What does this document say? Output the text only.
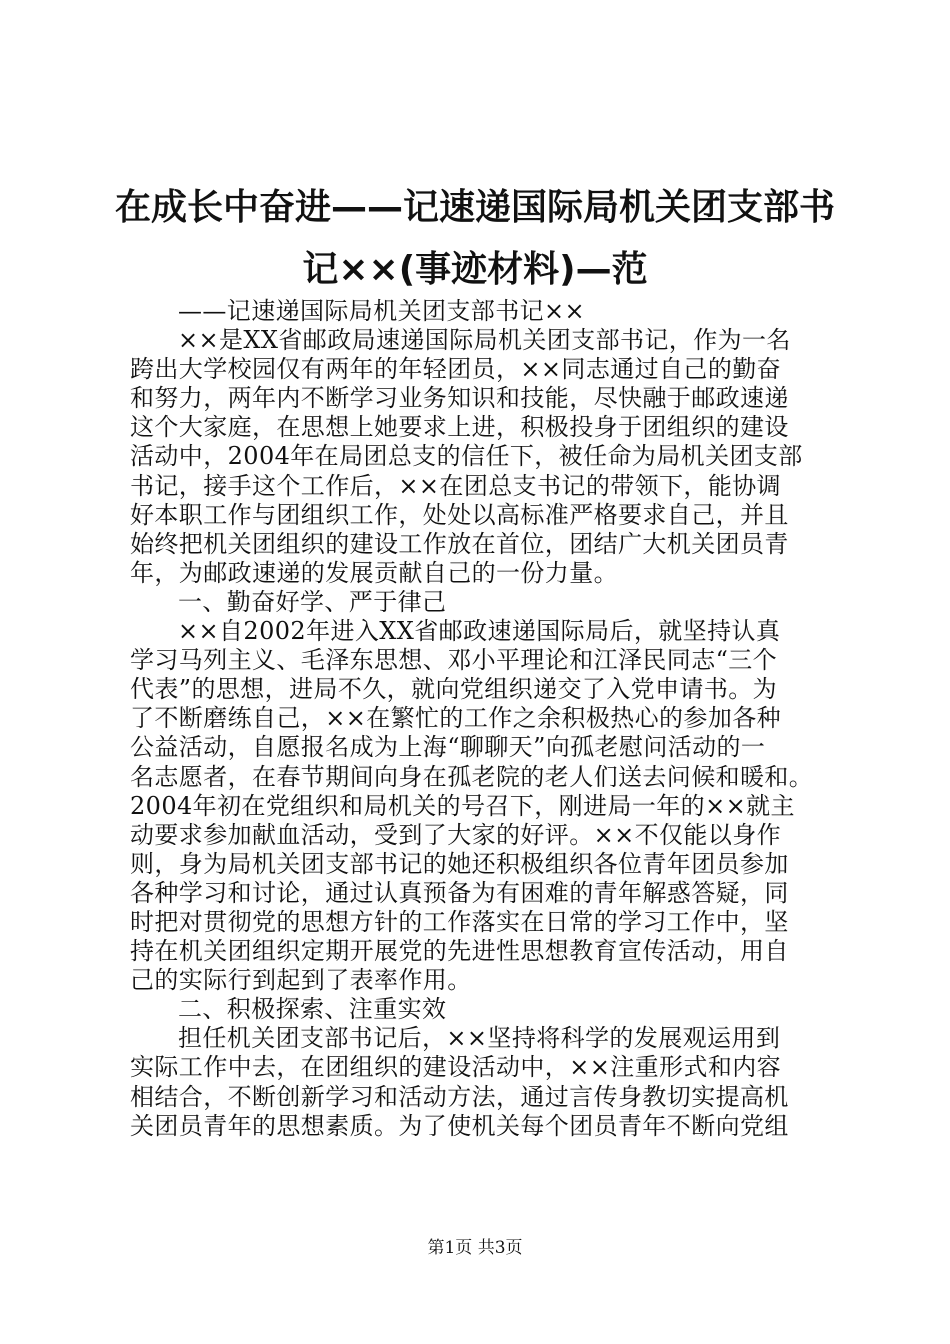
在成长中奋进——记速递国际局机关团支部书
记××(事迹材料)—范
——记速递国际局机关团支部书记××
××是XX省邮政局速递国际局机关团支部书记，作为一名
跨出大学校园仅有两年的年轻团员，××同志通过自己的勤奋
和努力，两年内不断学习业务知识和技能，尽快融于邮政速递
这个大家庭，在思想上她要求上进，积极投身于团组织的建设
活动中，2004年在局团总支的信任下，被任命为局机关团支部
书记，接手这个工作后，××在团总支书记的带领下，能协调
好本职工作与团组织工作，处处以高标准严格要求自己，并且
始终把机关团组织的建设工作放在首位，团结广大机关团员青
年，为邮政速递的发展贡献自己的一份力量。
一、勤奋好学、严于律己
××自2002年进入XX省邮政速递国际局后，就坚持认真
学习马列主义、毛泽东思想、邓小平理论和江泽民同志“三个
代表”的思想，进局不久，就向党组织递交了入党申请书。为
了不断磨练自己，××在繁忙的工作之余积极热心的参加各种
公益活动，自愿报名成为上海“聊聊天”向孤老慰问活动的一
名志愿者，在春节期间向身在孤老院的老人们送去问候和暖和。
2004年初在党组织和局机关的号召下，刚进局一年的××就主
动要求参加献血活动，受到了大家的好评。××不仅能以身作
则，身为局机关团支部书记的她还积极组织各位青年团员参加
各种学习和讨论，通过认真预备为有困难的青年解惑答疑，同
时把对贯彻党的思想方针的工作落实在日常的学习工作中，坚
持在机关团组织定期开展党的先进性思想教育宣传活动，用自
己的实际行到起到了表率作用。
二、积极探索、注重实效
担任机关团支部书记后，××坚持将科学的发展观运用到
实际工作中去，在团组织的建设活动中，××注重形式和内容
相结合，不断创新学习和活动方法，通过言传身教切实提高机
关团员青年的思想素质。为了使机关每个团员青年不断向党组
第1页 共3页
